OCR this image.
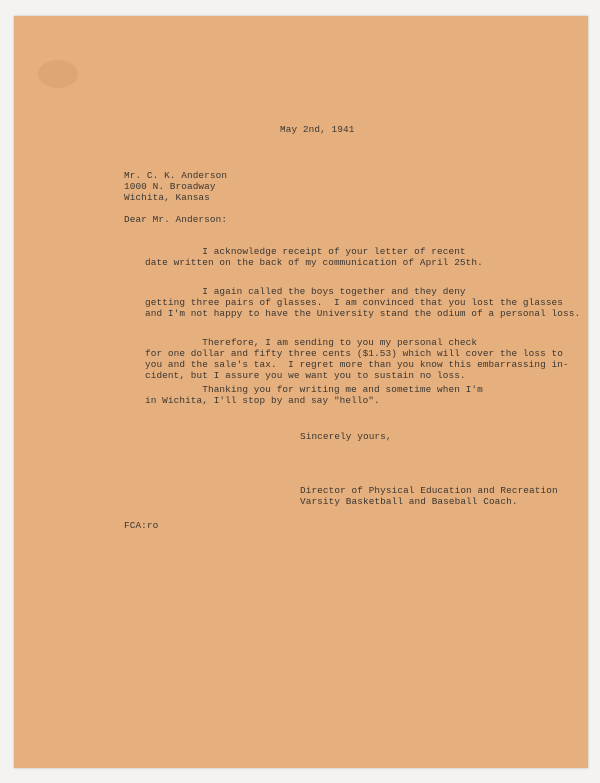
May 2nd, 1941
Mr. C. K. Anderson
1000 N. Broadway
Wichita, Kansas
Dear Mr. Anderson:
I acknowledge receipt of your letter of recent
date written on the back of my communication of April 25th.
I again called the boys together and they deny
getting three pairs of glasses.  I am convinced that you lost the glasses
and I'm not happy to have the University stand the odium of a personal loss.
Therefore, I am sending to you my personal check
for one dollar and fifty three cents ($1.53) which will cover the loss to
you and the sale's tax.  I regret more than you know this embarrassing in-
cident, but I assure you we want you to sustain no loss.
Thanking you for writing me and sometime when I'm
in Wichita, I'll stop by and say "hello".
Sincerely yours,
Director of Physical Education and Recreation
Varsity Basketball and Baseball Coach.
FCA:ro
